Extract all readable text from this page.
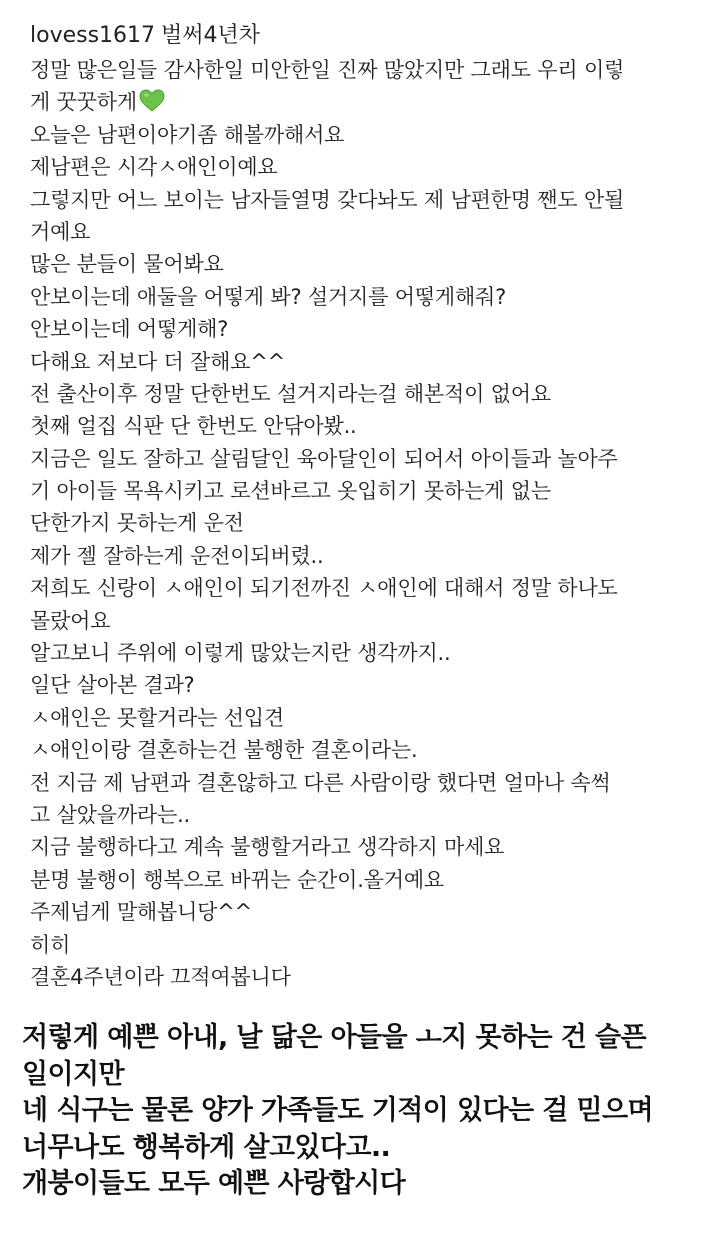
lovess1617 벌써4년차
정말 많은일들 감사한일 미안한일 진짜 많았지만 그래도 우리 이렇
게 꿋꿋하게
오늘은 남편이야기좀 해볼까해서요
제남편은 시각ㅅ애인이예요
그렇지만 어느 보이는 남자들열명 갖다놔도 제 남편한명 짼도 안될
거예요
많은 분들이 물어봐요
안보이는데 애둘을 어떻게 봐? 설거지를 어떻게해줘?
안보이는데 어떻게해?
다해요 저보다 더 잘해요^^
전 출산이후 정말 단한번도 설거지라는걸 해본적이 없어요
첫째 얼집 식판 단 한번도 안닦아봤..
지금은 일도 잘하고 살림달인 육아달인이 되어서 아이들과 놀아주
기 아이들 목욕시키고 로션바르고 옷입히기 못하는게 없는
단한가지 못하는게 운전
제가 젤 잘하는게 운전이되버렸..
저희도 신랑이 ㅅ애인이 되기전까진 ㅅ애인에 대해서 정말 하나도
몰랐어요
알고보니 주위에 이렇게 많았는지란 생각까지..
일단 살아본 결과?
ㅅ애인은 못할거라는 선입견
ㅅ애인이랑 결혼하는건 불행한 결혼이라는.
전 지금 제 남편과 결혼않하고 다른 사람이랑 했다면 얼마나 속썩
고 살았을까라는..
지금 불행하다고 계속 불행할거라고 생각하지 마세요
분명 불행이 행복으로 바뀌는 순간이.올거예요
주제넘게 말해봅니당^^
히히
결혼4주년이라 끄적여봅니다
저렇게 예쁜 아내, 날 닮은 아들을 ㅗ지 못하는 건 슬픈
일이지만
네 식구는 물론 양가 가족들도 기적이 있다는 걸 믿으며
너무나도 행복하게 살고있다고..
개붕이들도 모두 예쁜 사랑합시다
